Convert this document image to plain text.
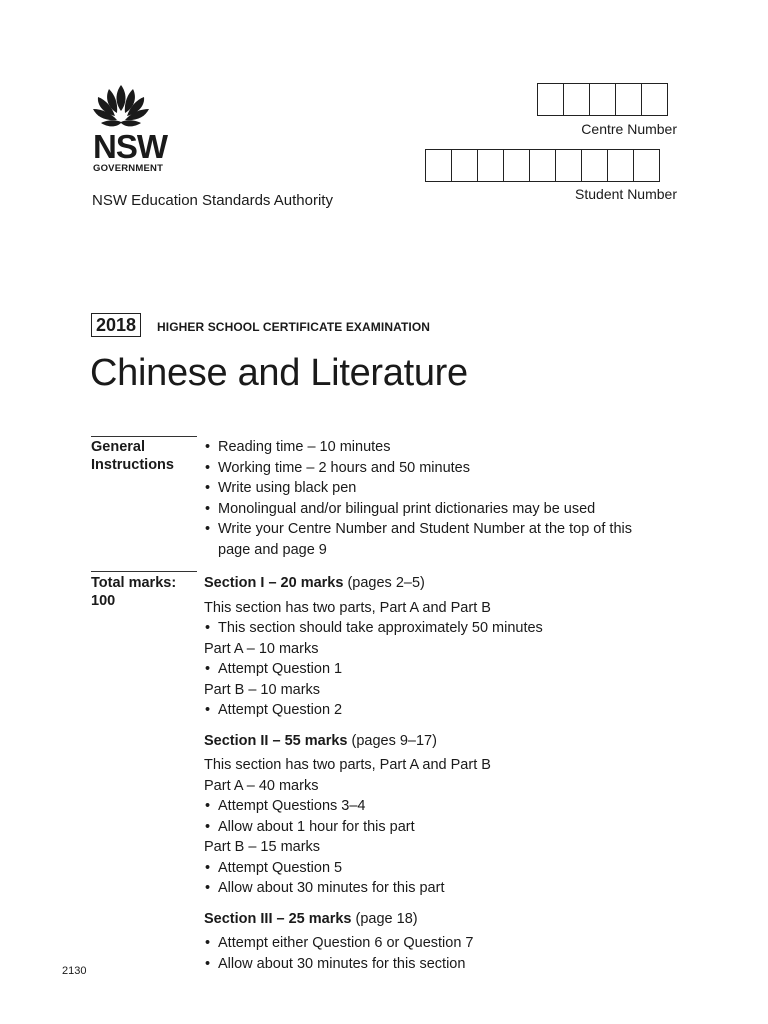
NSW
GOVERNMENT
NSW Education Standards Authority
Centre Number
Student Number
2018	HIGHER SCHOOL CERTIFICATE EXAMINATION
Chinese and Literature
General
Instructions
• Reading time – 10 minutes
• Working time – 2 hours and 50 minutes
• Write using black pen
• Monolingual and/or bilingual print dictionaries may be used
• Write your Centre Number and Student Number at the top of this page and page 9
Total marks:
100
Section I – 20 marks (pages 2–5)
This section has two parts, Part A and Part B
• This section should take approximately 50 minutes
Part A – 10 marks
• Attempt Question 1
Part B – 10 marks
• Attempt Question 2
Section II – 55 marks (pages 9–17)
This section has two parts, Part A and Part B
Part A – 40 marks
• Attempt Questions 3–4
• Allow about 1 hour for this part
Part B – 15 marks
• Attempt Question 5
• Allow about 30 minutes for this part
Section III – 25 marks (page 18)
• Attempt either Question 6 or Question 7
• Allow about 30 minutes for this section
2130
